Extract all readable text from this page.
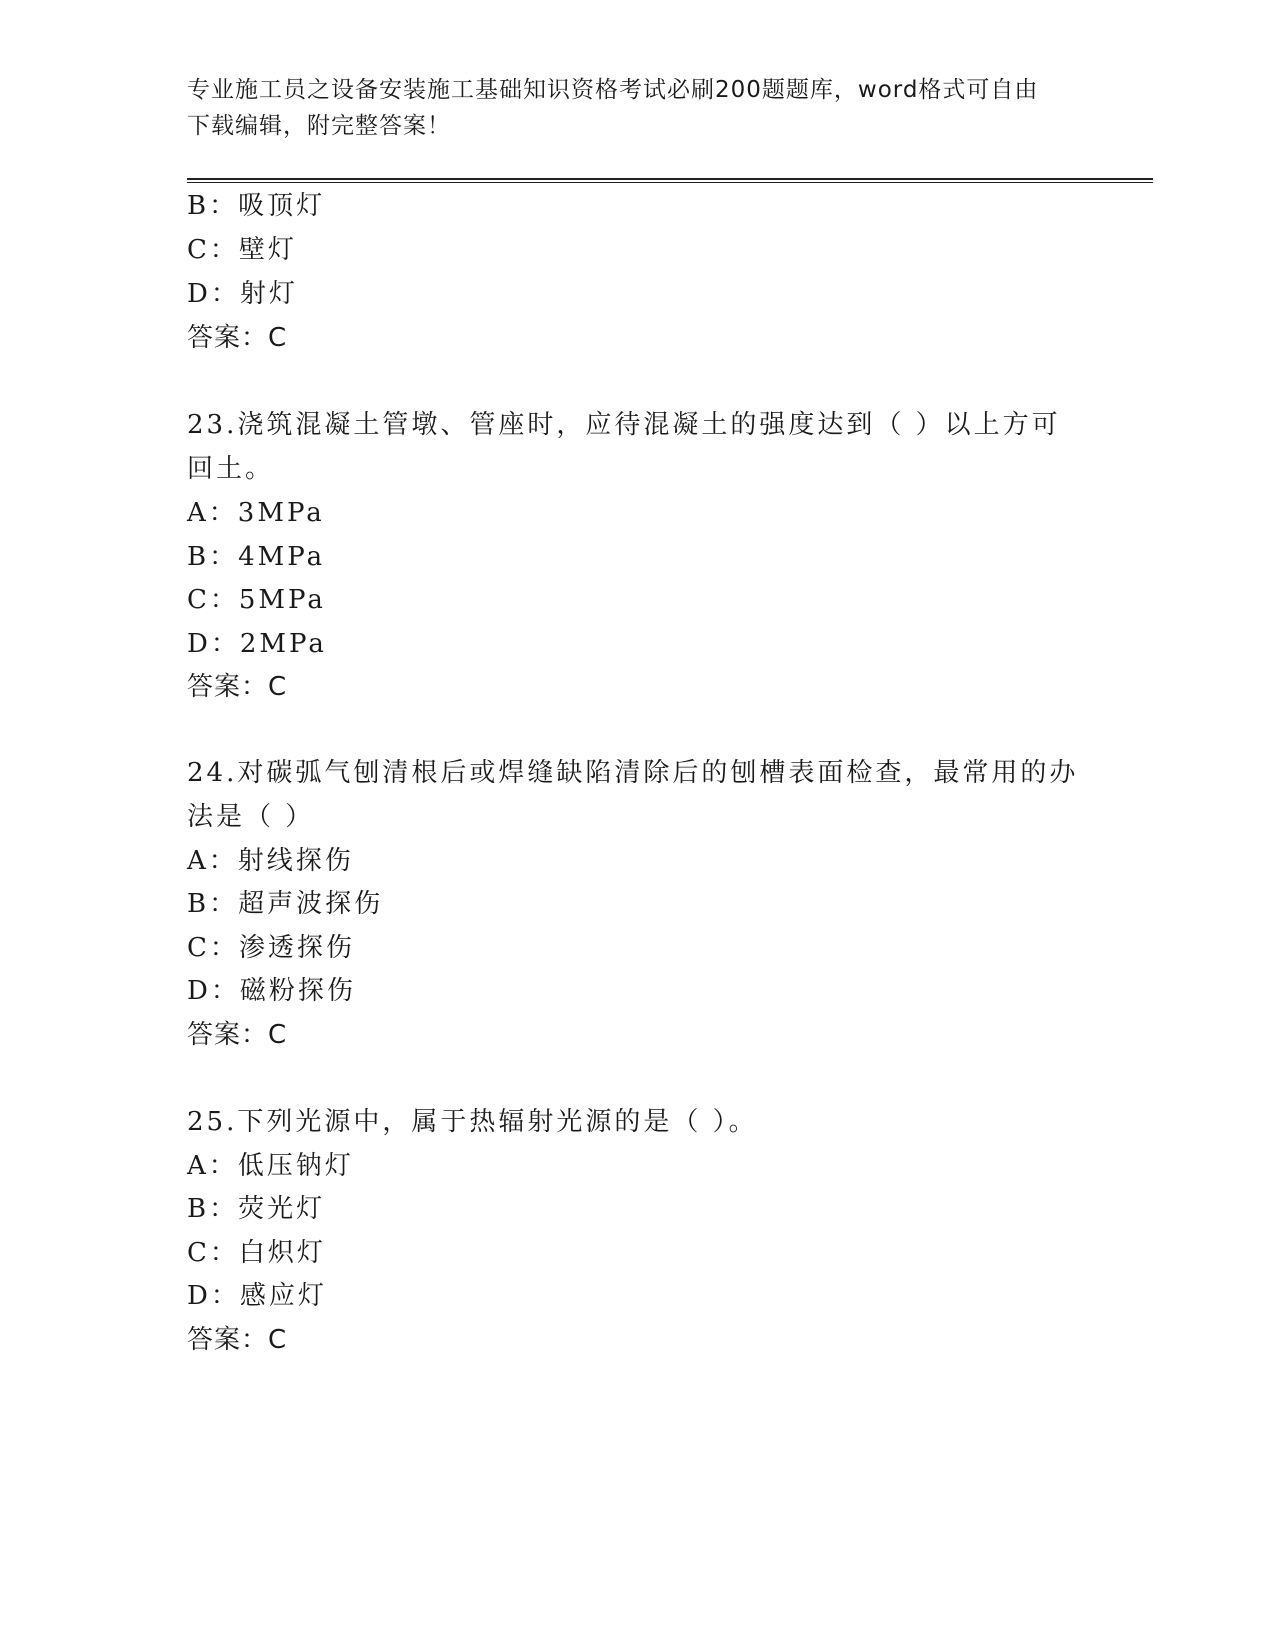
专业施工员之设备安装施工基础知识资格考试必刷200题题库，word格式可自由
下载编辑，附完整答案！
B：吸顶灯
C：壁灯
D：射灯
答案：C
23.浇筑混凝土管墩、管座时，应待混凝土的强度达到（ ）以上方可
回土。
A：3MPa
B：4MPa
C：5MPa
D：2MPa
答案：C
24.对碳弧气刨清根后或焊缝缺陷清除后的刨槽表面检查，最常用的办
法是（ ）
A：射线探伤
B：超声波探伤
C：渗透探伤
D：磁粉探伤
答案：C
25.下列光源中，属于热辐射光源的是（ ）。
A：低压钠灯
B：荧光灯
C：白炽灯
D：感应灯
答案：C
